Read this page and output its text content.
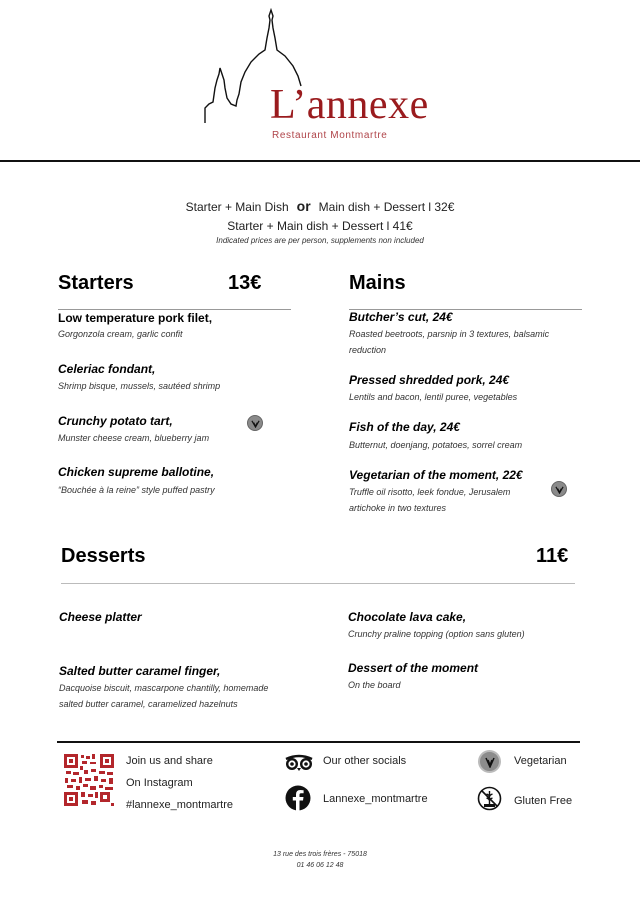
L’annexe
Restaurant Montmartre
Starter + Main Dish or Main dish + Dessert l 32€
Starter + Main dish + Dessert l 41€
Indicated prices are per person, supplements non included
Starters	13€
Low temperature pork filet,
Gorgonzola cream, garlic confit
Celeriac fondant,
Shrimp bisque, mussels, sautéed shrimp
Crunchy potato tart,
Munster cheese cream, blueberry jam
Chicken supreme ballotine,
“Bouchée à la reine” style puffed pastry
Mains
Butcher’s cut, 24€
Roasted beetroots, parsnip in 3 textures, balsamic
reduction
Pressed shredded pork, 24€
Lentils and bacon, lentil puree, vegetables
Fish of the day, 24€
Butternut, doenjang, potatoes, sorrel cream
Vegetarian of the moment, 22€
Truffle oil risotto, leek fondue, Jerusalem
artichoke in two textures
Desserts	11€
Cheese platter
Salted butter caramel finger,
Dacquoise biscuit, mascarpone chantilly, homemade
salted butter caramel, caramelized hazelnuts
Chocolate lava cake,
Crunchy praline topping (option sans gluten)
Dessert of the moment
On the board
Join us and share
On Instagram
#lannexe_montmartre
Our other socials
Lannexe_montmartre
Vegetarian
Gluten Free
13 rue des trois frères - 75018
01 46 06 12 48
